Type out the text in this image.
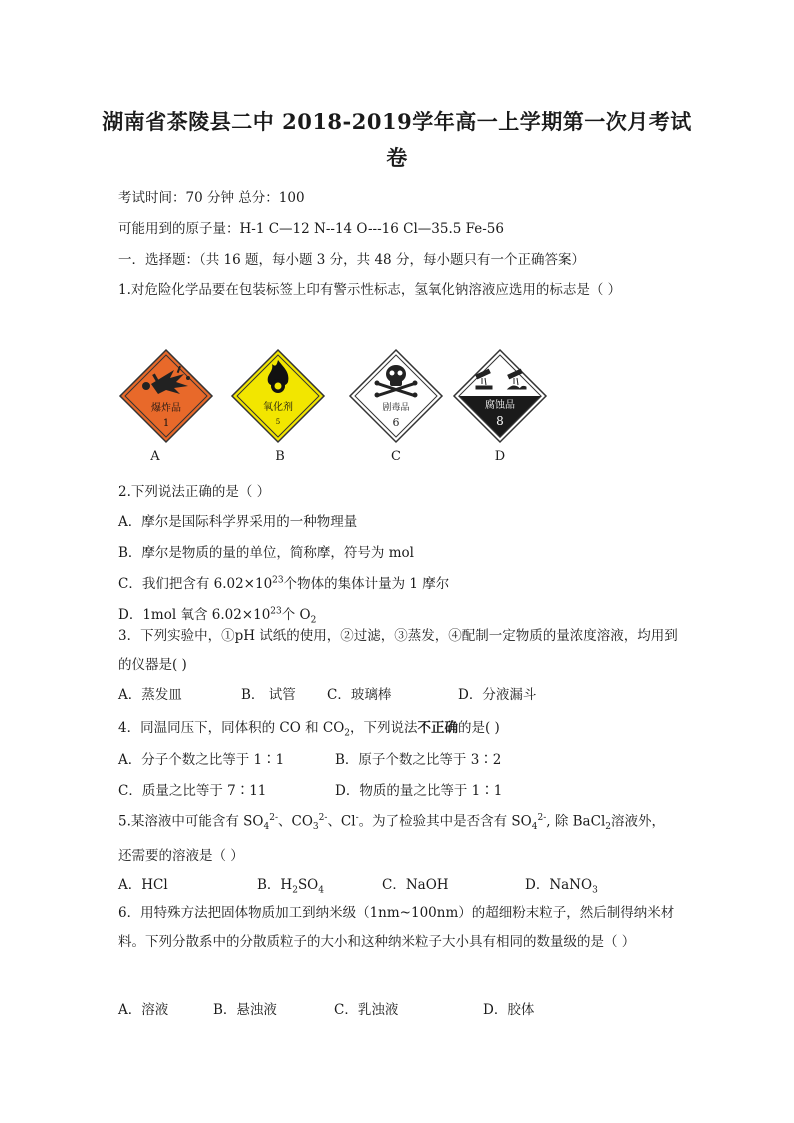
湖南省茶陵县二中 2018-2019学年高一上学期第一次月考试卷
考试时间：70 分钟 总分：100
可能用到的原子量：H-1 C—12 N--14 O---16 Cl—35.5 Fe-56
一．选择题：（共 16 题，每小题 3 分，共 48 分，每小题只有一个正确答案）
1.对危险化学品要在包装标签上印有警示性标志，氢氧化钠溶液应选用的标志是（ ）
爆炸品
1
A
氧化剂
5
B
剧毒品
6
C
腐蚀品
8
D
2.下列说法正确的是（ ）
A．摩尔是国际科学界采用的一种物理量
B．摩尔是物质的量的单位，简称摩，符号为 mol
C．我们把含有 $6.02\times 10^{23}$个物体的集体计量为 1 摩尔
D．1mol 氧含 $6.02\times 10^{23}$个 $O_2$
3．下列实验中，①pH 试纸的使用，②过滤，③蒸发，④配制一定物质的量浓度溶液，均用到的仪器是( )
A．蒸发皿	B． 试管 C．玻璃棒	D．分液漏斗
4．同温同压下，同体积的 CO 和 $CO_2$，下列说法不正确的是( )
A．分子个数之比等于 1∶1	B．原子个数之比等于 3∶2
C．质量之比等于 7∶11	D．物质的量之比等于 1∶1
5.某溶液中可能含有 $SO_4^{2-}$、$CO_3^{2-}$、Cl-。为了检验其中是否含有 $SO_4^{2-}$, 除 BaCl$_2$溶液外，还需要的溶液是（ ）
A．HCl	B．$H_2SO_4$	C．NaOH	D．NaNO$_3$
6．用特殊方法把固体物质加工到纳米级（1nm~100nm）的超细粉末粒子，然后制得纳米材料。下列分散系中的分散质粒子的大小和这种纳米粒子大小具有相同的数量级的是（ ）
A．溶液	B．悬浊液	C．乳浊液	D．胶体
